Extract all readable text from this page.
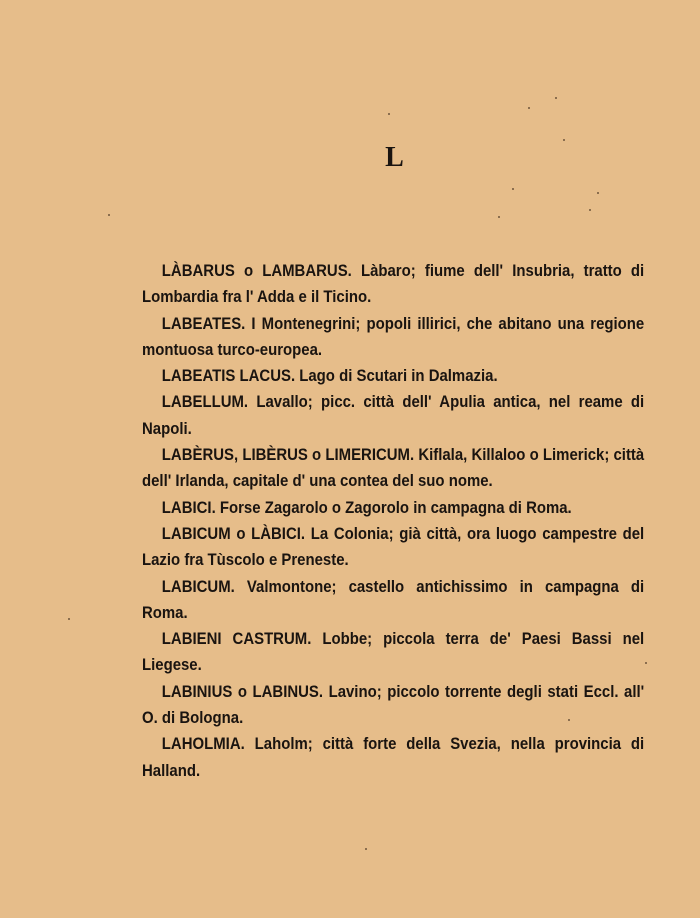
L

LÀBARUS o LAMBARUS. Làbaro; fiume dell' Insubria, tratto di Lombardia fra l' Adda e il Ticino.

LABEATES. I Montenegrini; popoli illirici, che abitano una regione montuosa turco-europea.

LABEATIS LACUS. Lago di Scutari in Dalmazia.

LABELLUM. Lavallo; picc. città dell' Apulia antica, nel reame di Napoli.

LABÈRUS, LIBÈRUS o LIMERICUM. Kiflala, Killaloo o Limerick; città dell' Irlanda, capitale d' una contea del suo nome.

LABICI. Forse Zagarolo o Zagorolo in campagna di Roma.

LABICUM o LÀBICI. La Colonia; già città, ora luogo campestre del Lazio fra Tùscolo e Preneste.

LABICUM. Valmontone; castello antichissimo in campagna di Roma.

LABIENI CASTRUM. Lobbe; piccola terra de' Paesi Bassi nel Liegese.

LABINIUS o LABINUS. Lavino; piccolo torrente degli stati Eccl. all' O. di Bologna.

LAHOLMIA. Laholm; città forte della Svezia, nella provincia di Halland.
